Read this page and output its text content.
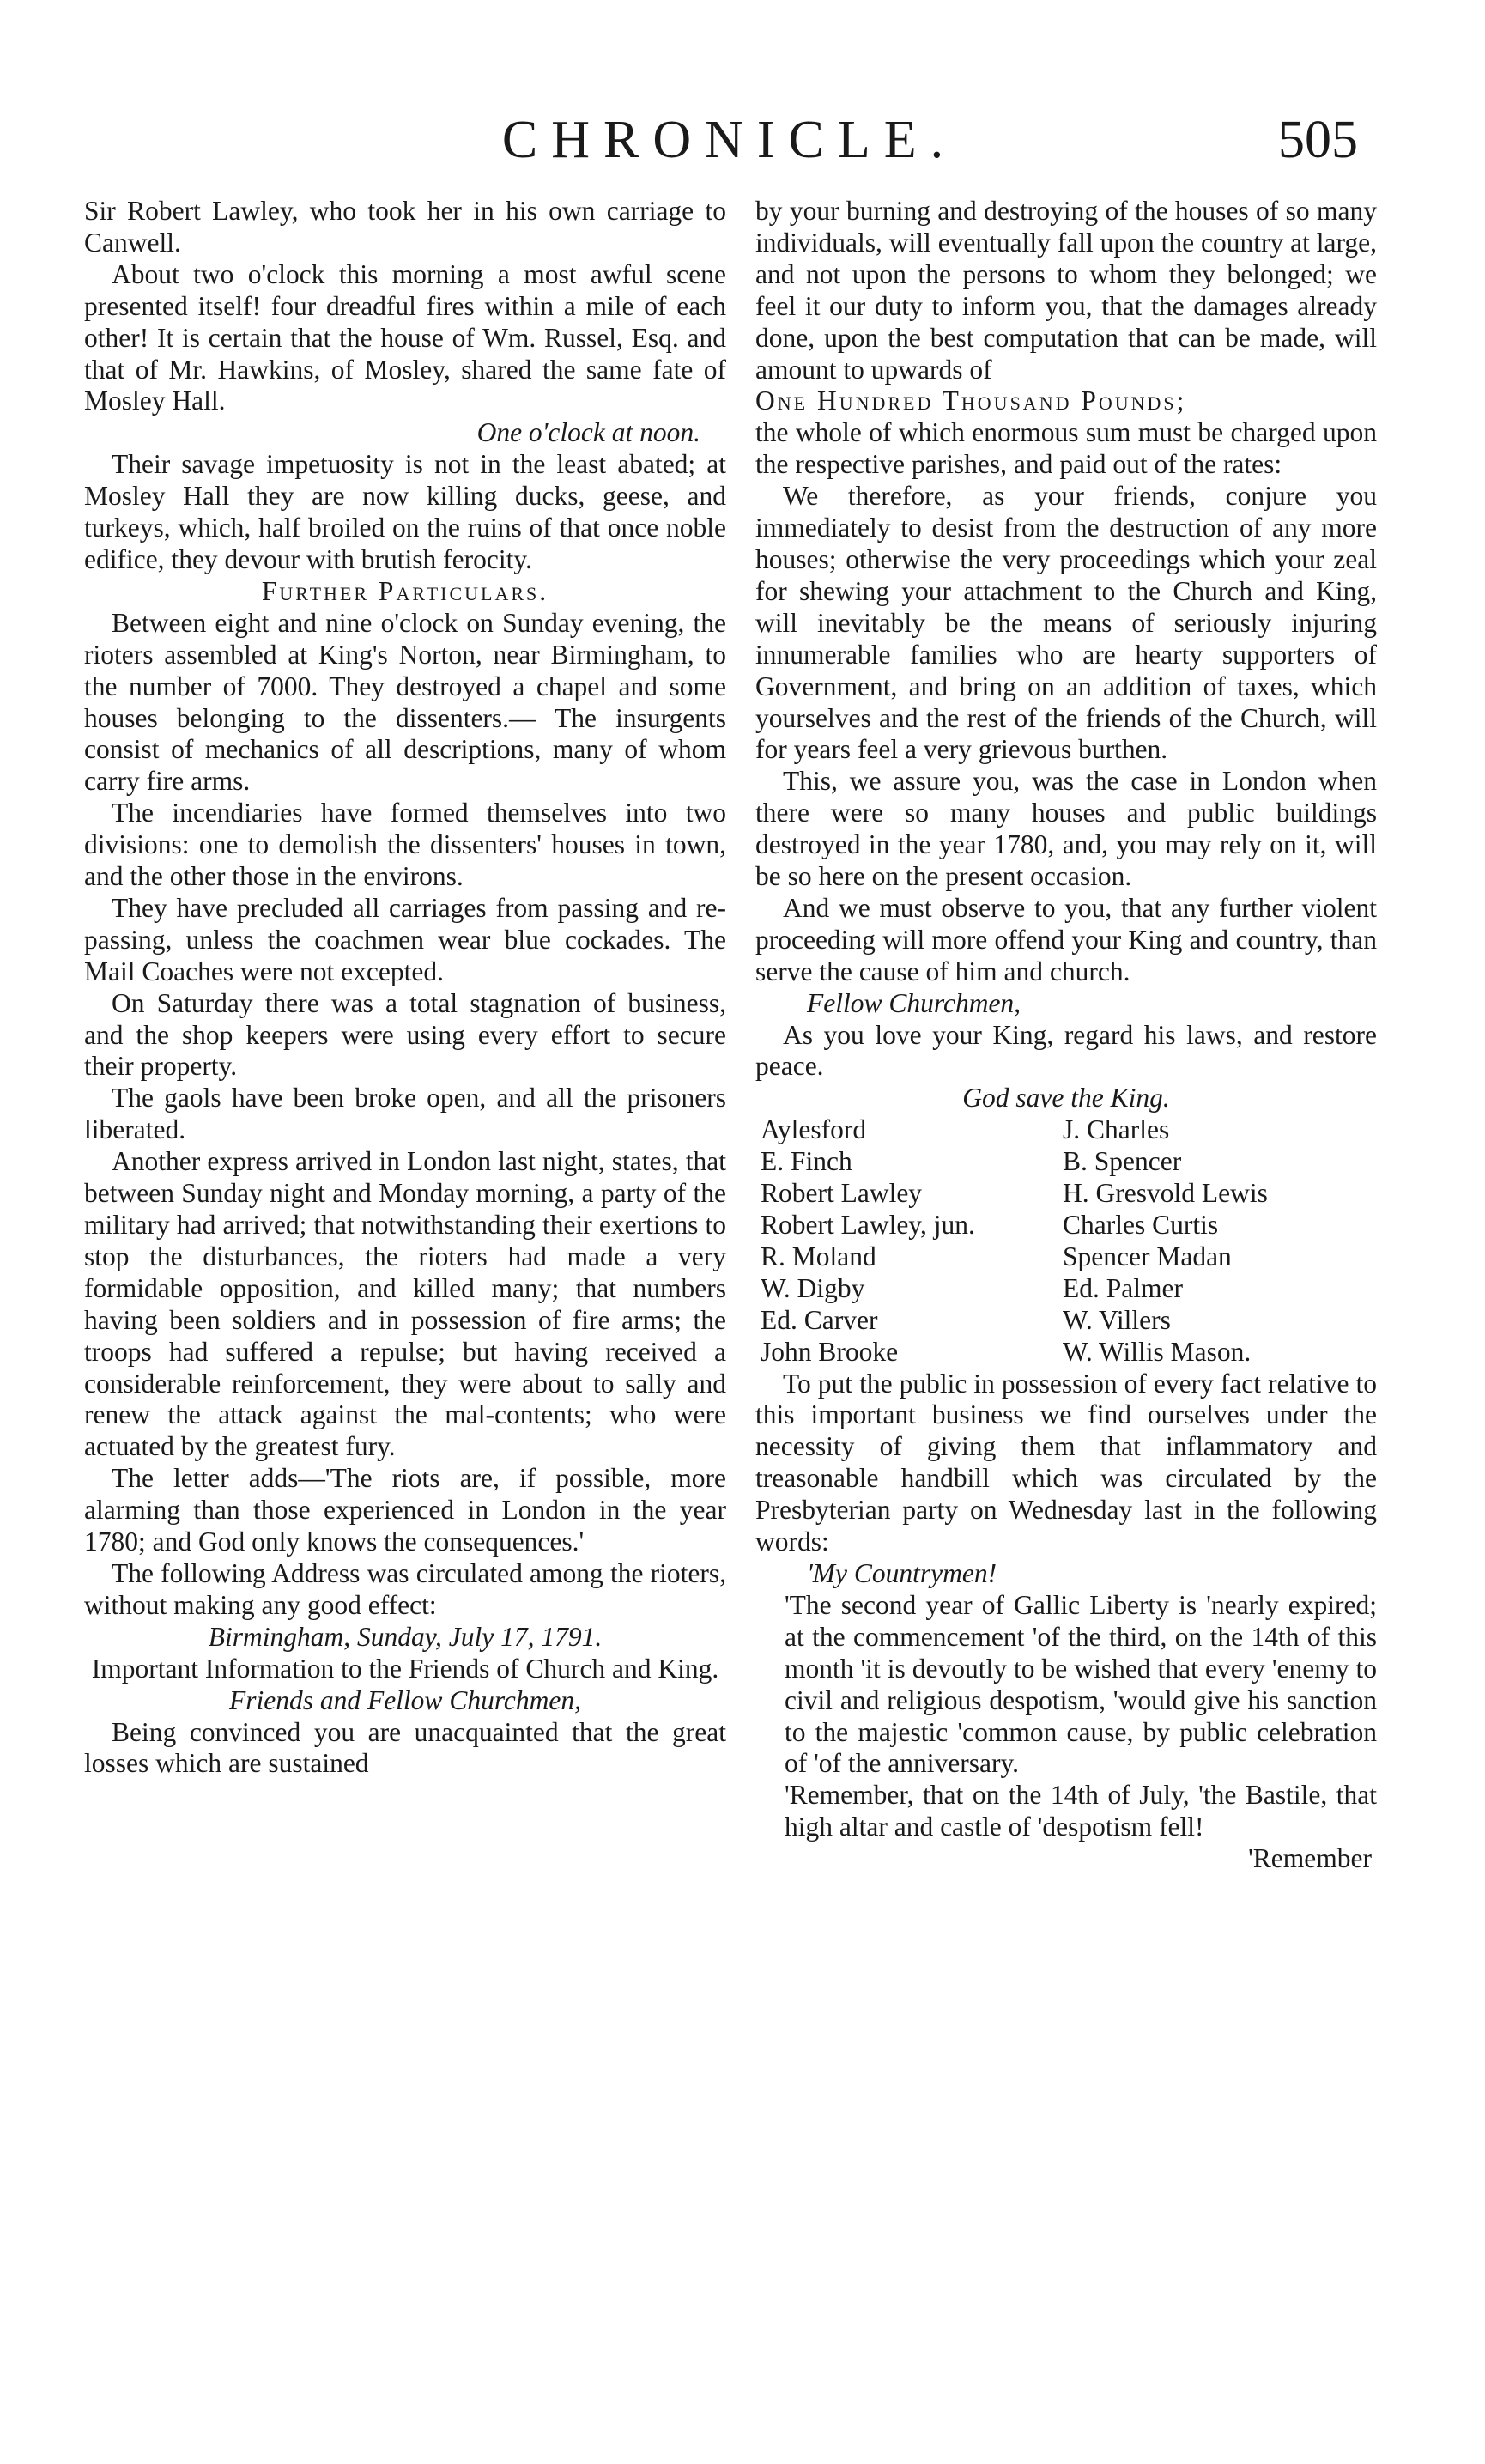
CHRONICLE.	505

Sir Robert Lawley, who took her in his own carriage to Canwell.

About two o'clock this morning a most awful scene presented itself! four dreadful fires within a mile of each other! It is certain that the house of Wm. Russel, Esq. and that of Mr. Hawkins, of Mosley, shared the same fate of Mosley Hall.

One o'clock at noon.

Their savage impetuosity is not in the least abated; at Mosley Hall they are now killing ducks, geese, and turkeys, which, half broiled on the ruins of that once noble edifice, they devour with brutish ferocity.

Further Particulars.

Between eight and nine o'clock on Sunday evening, the rioters assembled at King's Norton, near Birmingham, to the number of 7000. They destroyed a chapel and some houses belonging to the dissenters.— The insurgents consist of mechanics of all descriptions, many of whom carry fire arms.

The incendiaries have formed themselves into two divisions: one to demolish the dissenters' houses in town, and the other those in the environs.

They have precluded all carriages from passing and re-passing, unless the coachmen wear blue cockades. The Mail Coaches were not excepted.

On Saturday there was a total stagnation of business, and the shop keepers were using every effort to secure their property.

The gaols have been broke open, and all the prisoners liberated.

Another express arrived in London last night, states, that between Sunday night and Monday morning, a party of the military had arrived; that notwithstanding their exertions to stop the disturbances, the rioters had made a very formidable opposition, and killed many; that numbers having been soldiers and in possession of fire arms; the troops had suffered a repulse; but having received a considerable reinforcement, they were about to sally and renew the attack against the mal-contents; who were actuated by the greatest fury.

The letter adds—'The riots are, if possible, more alarming than those experienced in London in the year 1780; and God only knows the consequences.'

The following Address was circulated among the rioters, without making any good effect:

Birmingham, Sunday, July 17, 1791.

Important Information to the Friends of Church and King.

Friends and Fellow Churchmen,

Being convinced you are unacquainted that the great losses which are sustained

by your burning and destroying of the houses of so many individuals, will eventually fall upon the country at large, and not upon the persons to whom they belonged; we feel it our duty to inform you, that the damages already done, upon the best computation that can be made, will amount to upwards of

One Hundred Thousand Pounds;

the whole of which enormous sum must be charged upon the respective parishes, and paid out of the rates:

We therefore, as your friends, conjure you immediately to desist from the destruction of any more houses; otherwise the very proceedings which your zeal for shewing your attachment to the Church and King, will inevitably be the means of seriously injuring innumerable families who are hearty supporters of Government, and bring on an addition of taxes, which yourselves and the rest of the friends of the Church, will for years feel a very grievous burthen.

This, we assure you, was the case in London when there were so many houses and public buildings destroyed in the year 1780, and, you may rely on it, will be so here on the present occasion.

And we must observe to you, that any further violent proceeding will more offend your King and country, than serve the cause of him and church.

Fellow Churchmen,

As you love your King, regard his laws, and restore peace.

God save the King.

Aylesford	J. Charles
E. Finch	B. Spencer
Robert Lawley	H. Gresvold Lewis
Robert Lawley, jun.	Charles Curtis
R. Moland	Spencer Madan
W. Digby	Ed. Palmer
Ed. Carver	W. Villers
John Brooke	W. Willis Mason.

To put the public in possession of every fact relative to this important business we find ourselves under the necessity of giving them that inflammatory and treasonable handbill which was circulated by the Presbyterian party on Wednesday last in the following words:

'My Countrymen!

'The second year of Gallic Liberty is 'nearly expired; at the commencement 'of the third, on the 14th of this month 'it is devoutly to be wished that every 'enemy to civil and religious despotism, 'would give his sanction to the majestic 'common cause, by public celebration of 'of the anniversary.

'Remember, that on the 14th of July, 'the Bastile, that high altar and castle of 'despotism fell!

'Remember
